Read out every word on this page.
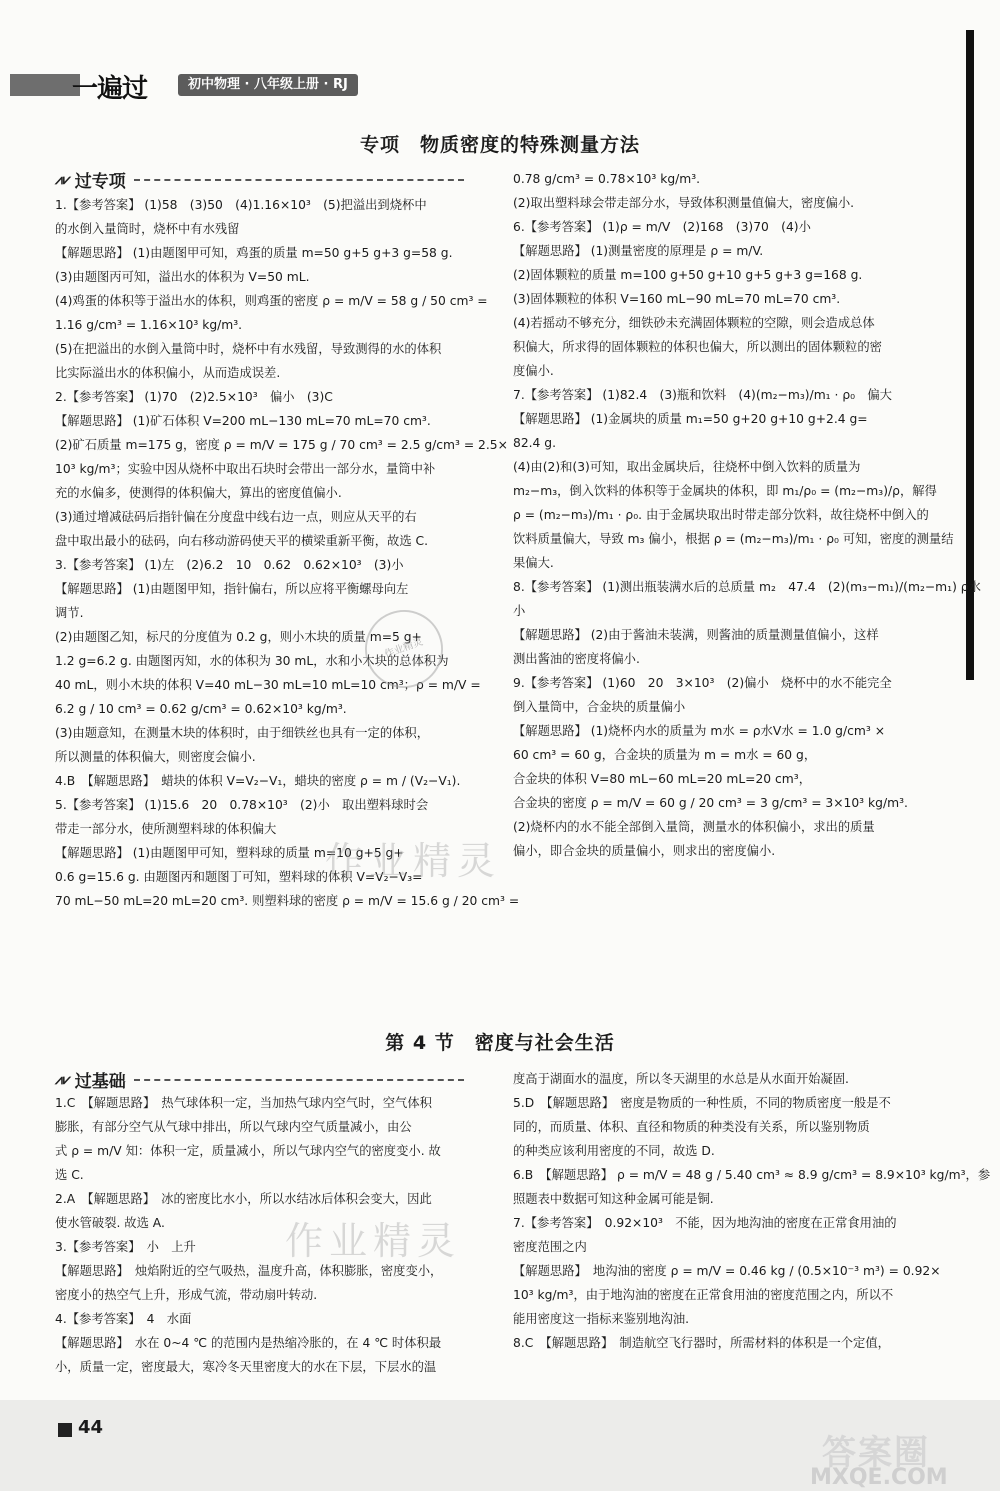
一遍过	初中物理 · 八年级上册 · RJ
专项　物质密度的特殊测量方法
⩘⩗ 过专项

1.【参考答案】 (1)58　(3)50　(4)1.16×10³　(5)把溢出到烧杯中

的水倒入量筒时，烧杯中有水残留

【解题思路】 (1)由题图甲可知，鸡蛋的质量 m=50 g+5 g+3 g=58 g.

(3)由题图丙可知，溢出水的体积为 V=50 mL.

(4)鸡蛋的体积等于溢出水的体积，则鸡蛋的密度 ρ = m/V = 58 g / 50 cm³ =

1.16 g/cm³ = 1.16×10³ kg/m³.

(5)在把溢出的水倒入量筒中时，烧杯中有水残留，导致测得的水的体积

比实际溢出水的体积偏小，从而造成误差.

2.【参考答案】 (1)70　(2)2.5×10³　偏小　(3)C

【解题思路】 (1)矿石体积 V=200 mL−130 mL=70 mL=70 cm³.

(2)矿石质量 m=175 g，密度 ρ = m/V = 175 g / 70 cm³ = 2.5 g/cm³ = 2.5×

10³ kg/m³；实验中因从烧杯中取出石块时会带出一部分水，量筒中补

充的水偏多，使测得的体积偏大，算出的密度值偏小.

(3)通过增减砝码后指针偏在分度盘中线右边一点，则应从天平的右

盘中取出最小的砝码，向右移动游码使天平的横梁重新平衡，故选 C.

3.【参考答案】 (1)左　(2)6.2　10　0.62　0.62×10³　(3)小

【解题思路】 (1)由题图甲知，指针偏右，所以应将平衡螺母向左

调节.

(2)由题图乙知，标尺的分度值为 0.2 g，则小木块的质量 m=5 g+

1.2 g=6.2 g. 由题图丙知，水的体积为 30 mL，水和小木块的总体积为

40 mL，则小木块的体积 V=40 mL−30 mL=10 mL=10 cm³；ρ = m/V =

6.2 g / 10 cm³ = 0.62 g/cm³ = 0.62×10³ kg/m³.

(3)由题意知，在测量木块的体积时，由于细铁丝也具有一定的体积，

所以测量的体积偏大，则密度会偏小.

4.B　【解题思路】　蜡块的体积 V=V₂−V₁，蜡块的密度 ρ = m / (V₂−V₁).

5.【参考答案】 (1)15.6　20　0.78×10³　(2)小　取出塑料球时会

带走一部分水，使所测塑料球的体积偏大

【解题思路】 (1)由题图甲可知，塑料球的质量 m=10 g+5 g+

0.6 g=15.6 g. 由题图丙和题图丁可知，塑料球的体积 V=V₂−V₃=

70 mL−50 mL=20 mL=20 cm³. 则塑料球的密度 ρ = m/V = 15.6 g / 20 cm³ =

0.78 g/cm³ = 0.78×10³ kg/m³.

(2)取出塑料球会带走部分水，导致体积测量值偏大，密度偏小.

6.【参考答案】 (1)ρ = m/V　(2)168　(3)70　(4)小

【解题思路】 (1)测量密度的原理是 ρ = m/V.

(2)固体颗粒的质量 m=100 g+50 g+10 g+5 g+3 g=168 g.

(3)固体颗粒的体积 V=160 mL−90 mL=70 mL=70 cm³.

(4)若摇动不够充分，细铁砂未充满固体颗粒的空隙，则会造成总体

积偏大，所求得的固体颗粒的体积也偏大，所以测出的固体颗粒的密

度偏小.

7.【参考答案】 (1)82.4　(3)瓶和饮料　(4)(m₂−m₃)/m₁ · ρ₀　偏大

【解题思路】 (1)金属块的质量 m₁=50 g+20 g+10 g+2.4 g=

82.4 g.

(4)由(2)和(3)可知，取出金属块后，往烧杯中倒入饮料的质量为

m₂−m₃，倒入饮料的体积等于金属块的体积，即 m₁/ρ₀ = (m₂−m₃)/ρ，解得

ρ = (m₂−m₃)/m₁ · ρ₀. 由于金属块取出时带走部分饮料，故往烧杯中倒入的

饮料质量偏大，导致 m₃ 偏小，根据 ρ = (m₂−m₃)/m₁ · ρ₀ 可知，密度的测量结

果偏大.

8.【参考答案】 (1)测出瓶装满水后的总质量 m₂　47.4　(2)(m₃−m₁)/(m₂−m₁) ρ水

小

【解题思路】 (2)由于酱油未装满，则酱油的质量测量值偏小，这样

测出酱油的密度将偏小.

9.【参考答案】 (1)60　20　3×10³　(2)偏小　烧杯中的水不能完全

倒入量筒中，合金块的质量偏小

【解题思路】 (1)烧杯内水的质量为 m水 = ρ水V水 = 1.0 g/cm³ ×

60 cm³ = 60 g，合金块的质量为 m = m水 = 60 g，

合金块的体积 V=80 mL−60 mL=20 mL=20 cm³，

合金块的密度 ρ = m/V = 60 g / 20 cm³ = 3 g/cm³ = 3×10³ kg/m³.

(2)烧杯内的水不能全部倒入量筒，测量水的体积偏小，求出的质量

偏小，即合金块的质量偏小，则求出的密度偏小.

作业精灵
作业精灵
第 4 节　密度与社会生活
⩘⩗ 过基础

1.C　【解题思路】　热气球体积一定，当加热气球内空气时，空气体积

膨胀，有部分空气从气球中排出，所以气球内空气质量减小，由公

式 ρ = m/V 知：体积一定，质量减小，所以气球内空气的密度变小. 故

选 C.

2.A　【解题思路】　冰的密度比水小，所以水结冰后体积会变大，因此

使水管破裂. 故选 A.

3.【参考答案】　小　上升

【解题思路】　烛焰附近的空气吸热，温度升高，体积膨胀，密度变小，

密度小的热空气上升，形成气流，带动扇叶转动.

4.【参考答案】　4　水面

【解题思路】　水在 0~4 ℃ 的范围内是热缩冷胀的，在 4 ℃ 时体积最

小，质量一定，密度最大，寒冷冬天里密度大的水在下层，下层水的温

度高于湖面水的温度，所以冬天湖里的水总是从水面开始凝固.

5.D　【解题思路】　密度是物质的一种性质，不同的物质密度一般是不

同的，而质量、体积、直径和物质的种类没有关系，所以鉴别物质

的种类应该利用密度的不同，故选 D.

6.B　【解题思路】 ρ = m/V = 48 g / 5.40 cm³ ≈ 8.9 g/cm³ = 8.9×10³ kg/m³，参

照题表中数据可知这种金属可能是铜.

7.【参考答案】　0.92×10³　不能，因为地沟油的密度在正常食用油的

密度范围之内

【解题思路】　地沟油的密度 ρ = m/V = 0.46 kg / (0.5×10⁻³ m³) = 0.92×

10³ kg/m³，由于地沟油的密度在正常食用油的密度范围之内，所以不

能用密度这一指标来鉴别地沟油.

8.C　【解题思路】　制造航空飞行器时，所需材料的体积是一个定值，

作业精灵
44
答案圈
MXQE.COM
